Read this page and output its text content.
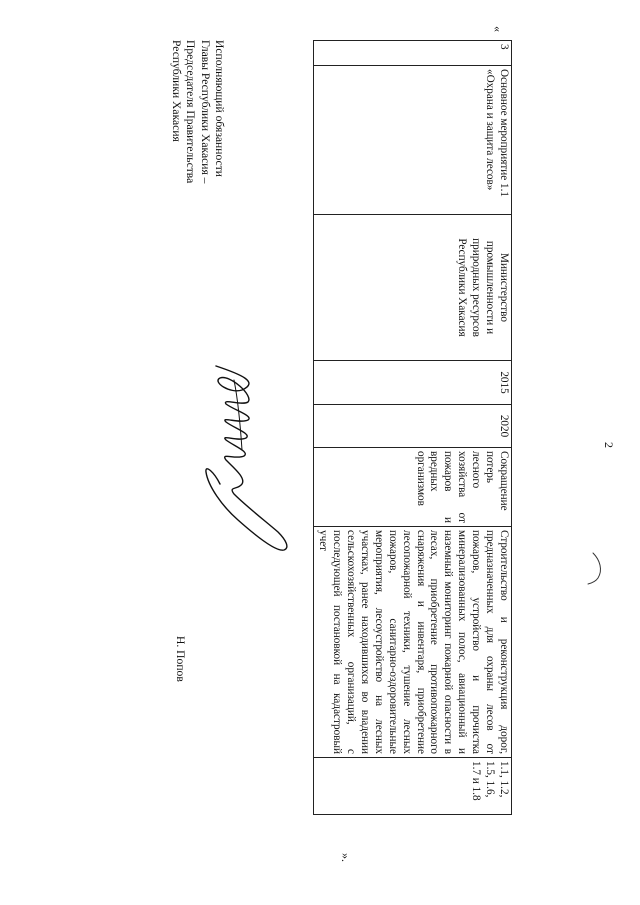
2
«
3	Основное мероприятие 1.1 «Охрана и защита лесов»	Министерство промышленности и природных ресурсов Республики Хакасия	2015	2020	Сокращение потерь лесного хозяйства от пожаров и вредных организмов	Строительство и реконструкция дорог, предназначенных для охраны лесов от пожаров, устройство и прочистка минерализованных полос, авиационный и наземный мониторинг пожарной опасности в лесах, приобретение противопожарного снаряжения и инвентаря, приобретение лесопожарной техники, тушение лесных пожаров, санитарно-оздоровительные мероприятия, лесоустройство на лесных участках, ранее находившихся во владении сельскохозяйственных организаций, с последующей постановкой на кадастровый учет	1.1, 1.2, 1.5, 1.6, 1.7 и 1.8

».
Исполняющий обязанности
Главы Республики Хакасия –
Председателя Правительства
Республики Хакасия
Н. Попов
